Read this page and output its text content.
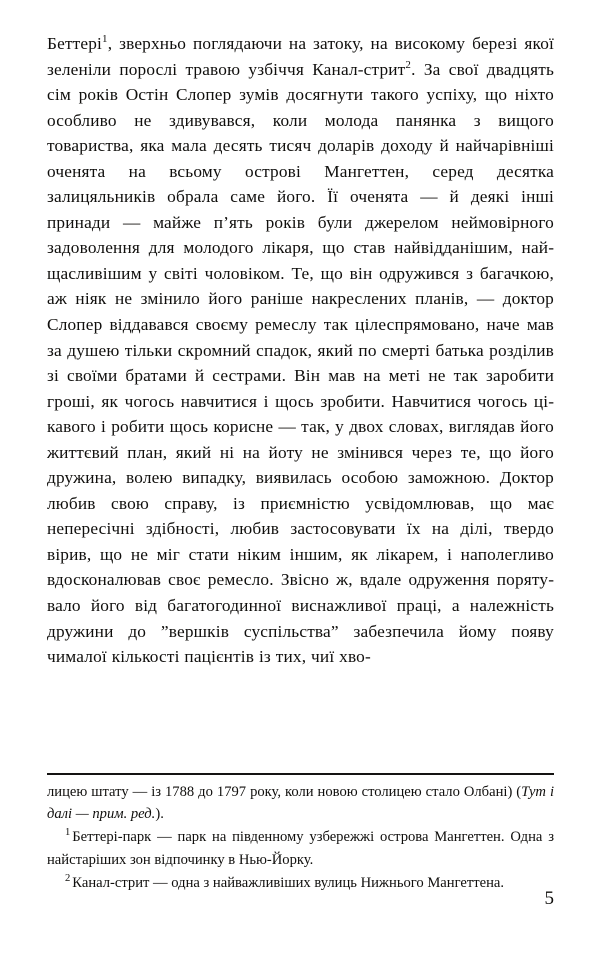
Беттері$^1$, зверхньо поглядаючи на затоку, на високому березі якої зеленіли порослі травою узбіччя Канал-стрит$^2$. За свої двадцять сім років Остін Слопер зумів досягнути такого успіху, що ніхто особливо не здивувався, коли молода панянка з вищого товариства, яка мала десять тисяч доларів доходу й найчарівніші оченята на всьому острові Мангеттен, серед десятка залицяльників обрала саме його. Її оченята — й деякі інші принади — майже п’ять років були джерелом неймовірного задоволення для молодого лікаря, що став найвідданішим, найщасливішим у світі чоловіком. Те, що він одружився з багачкою, аж ніяк не змінило його раніше накреслених планів, — доктор Слопер віддавався своєму ремеслу так цілеспрямовано, наче мав за душею тільки скромний спадок, який по смерті батька розділив зі своїми братами й сестрами. Він мав на меті не так заробити гроші, як чогось навчитися і щось зробити. Навчитися чогось цікавого і робити щось корисне — так, у двох словах, виглядав його життєвий план, який ні на йоту не змінився через те, що його дружина, волею випадку, виявилась особою заможною. Доктор любив свою справу, із приємністю усвідомлював, що має непересічні здібності, любив застосовувати їх на ділі, твердо вірив, що не міг стати ніким іншим, як лікарем, і наполегливо вдосконалював своє ремесло. Звісно ж, вдале одруження порятувало його від багатогодинної виснажливої праці, а належність дружини до ”вершків суспільства” забезпечила йому появу чималої кількості пацієнтів із тих, чиї хво-

лицею штату — із 1788 до 1797 року, коли новою столицею стало Олбані) (Тут і далі — прим. ред.).

$^1$ Беттері-парк — парк на південному узбережжі острова Мангеттен. Одна з найстаріших зон відпочинку в Нью-Йорку.

$^2$ Канал-стрит — одна з найважливіших вулиць Нижнього Мангеттена.

5
